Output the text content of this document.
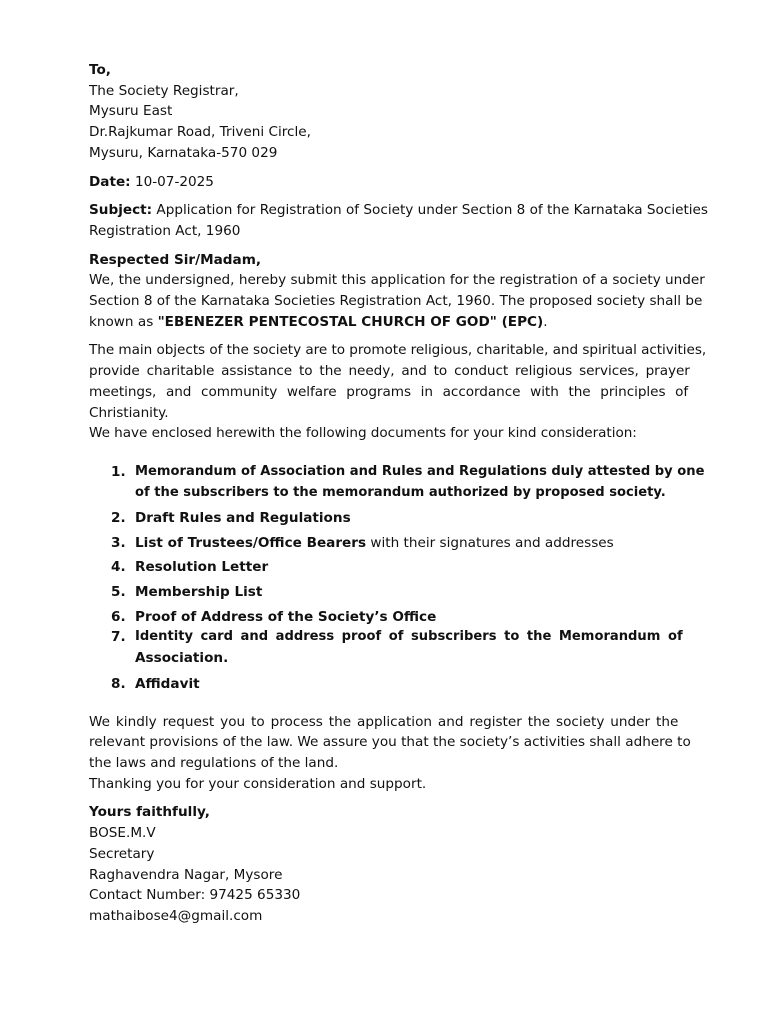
To,
The Society Registrar,
Mysuru East
Dr.Rajkumar Road, Triveni Circle,
Mysuru, Karnataka-570 029
Date: 10-07-2025
Subject: Application for Registration of Society under Section 8 of the Karnataka Societies
Registration Act, 1960
Respected Sir/Madam,
We, the undersigned, hereby submit this application for the registration of a society under
Section 8 of the Karnataka Societies Registration Act, 1960. The proposed society shall be
known as "EBENEZER PENTECOSTAL CHURCH OF GOD" (EPC).
The main objects of the society are to promote religious, charitable, and spiritual activities,
provide charitable assistance to the needy, and to conduct religious services, prayer
meetings, and community welfare programs in accordance with the principles of
Christianity.
We have enclosed herewith the following documents for your kind consideration:
1. Memorandum of Association and Rules and Regulations duly attested by one
of the subscribers to the memorandum authorized by proposed society.
2. Draft Rules and Regulations
3. List of Trustees/Office Bearers with their signatures and addresses
4. Resolution Letter
5. Membership List
6. Proof of Address of the Society’s Office
7. Identity card and address proof of subscribers to the Memorandum of
Association.
8. Affidavit
We kindly request you to process the application and register the society under the
relevant provisions of the law. We assure you that the society’s activities shall adhere to
the laws and regulations of the land.
Thanking you for your consideration and support.
Yours faithfully,
BOSE.M.V
Secretary
Raghavendra Nagar, Mysore
Contact Number: 97425 65330
mathaibose4@gmail.com
